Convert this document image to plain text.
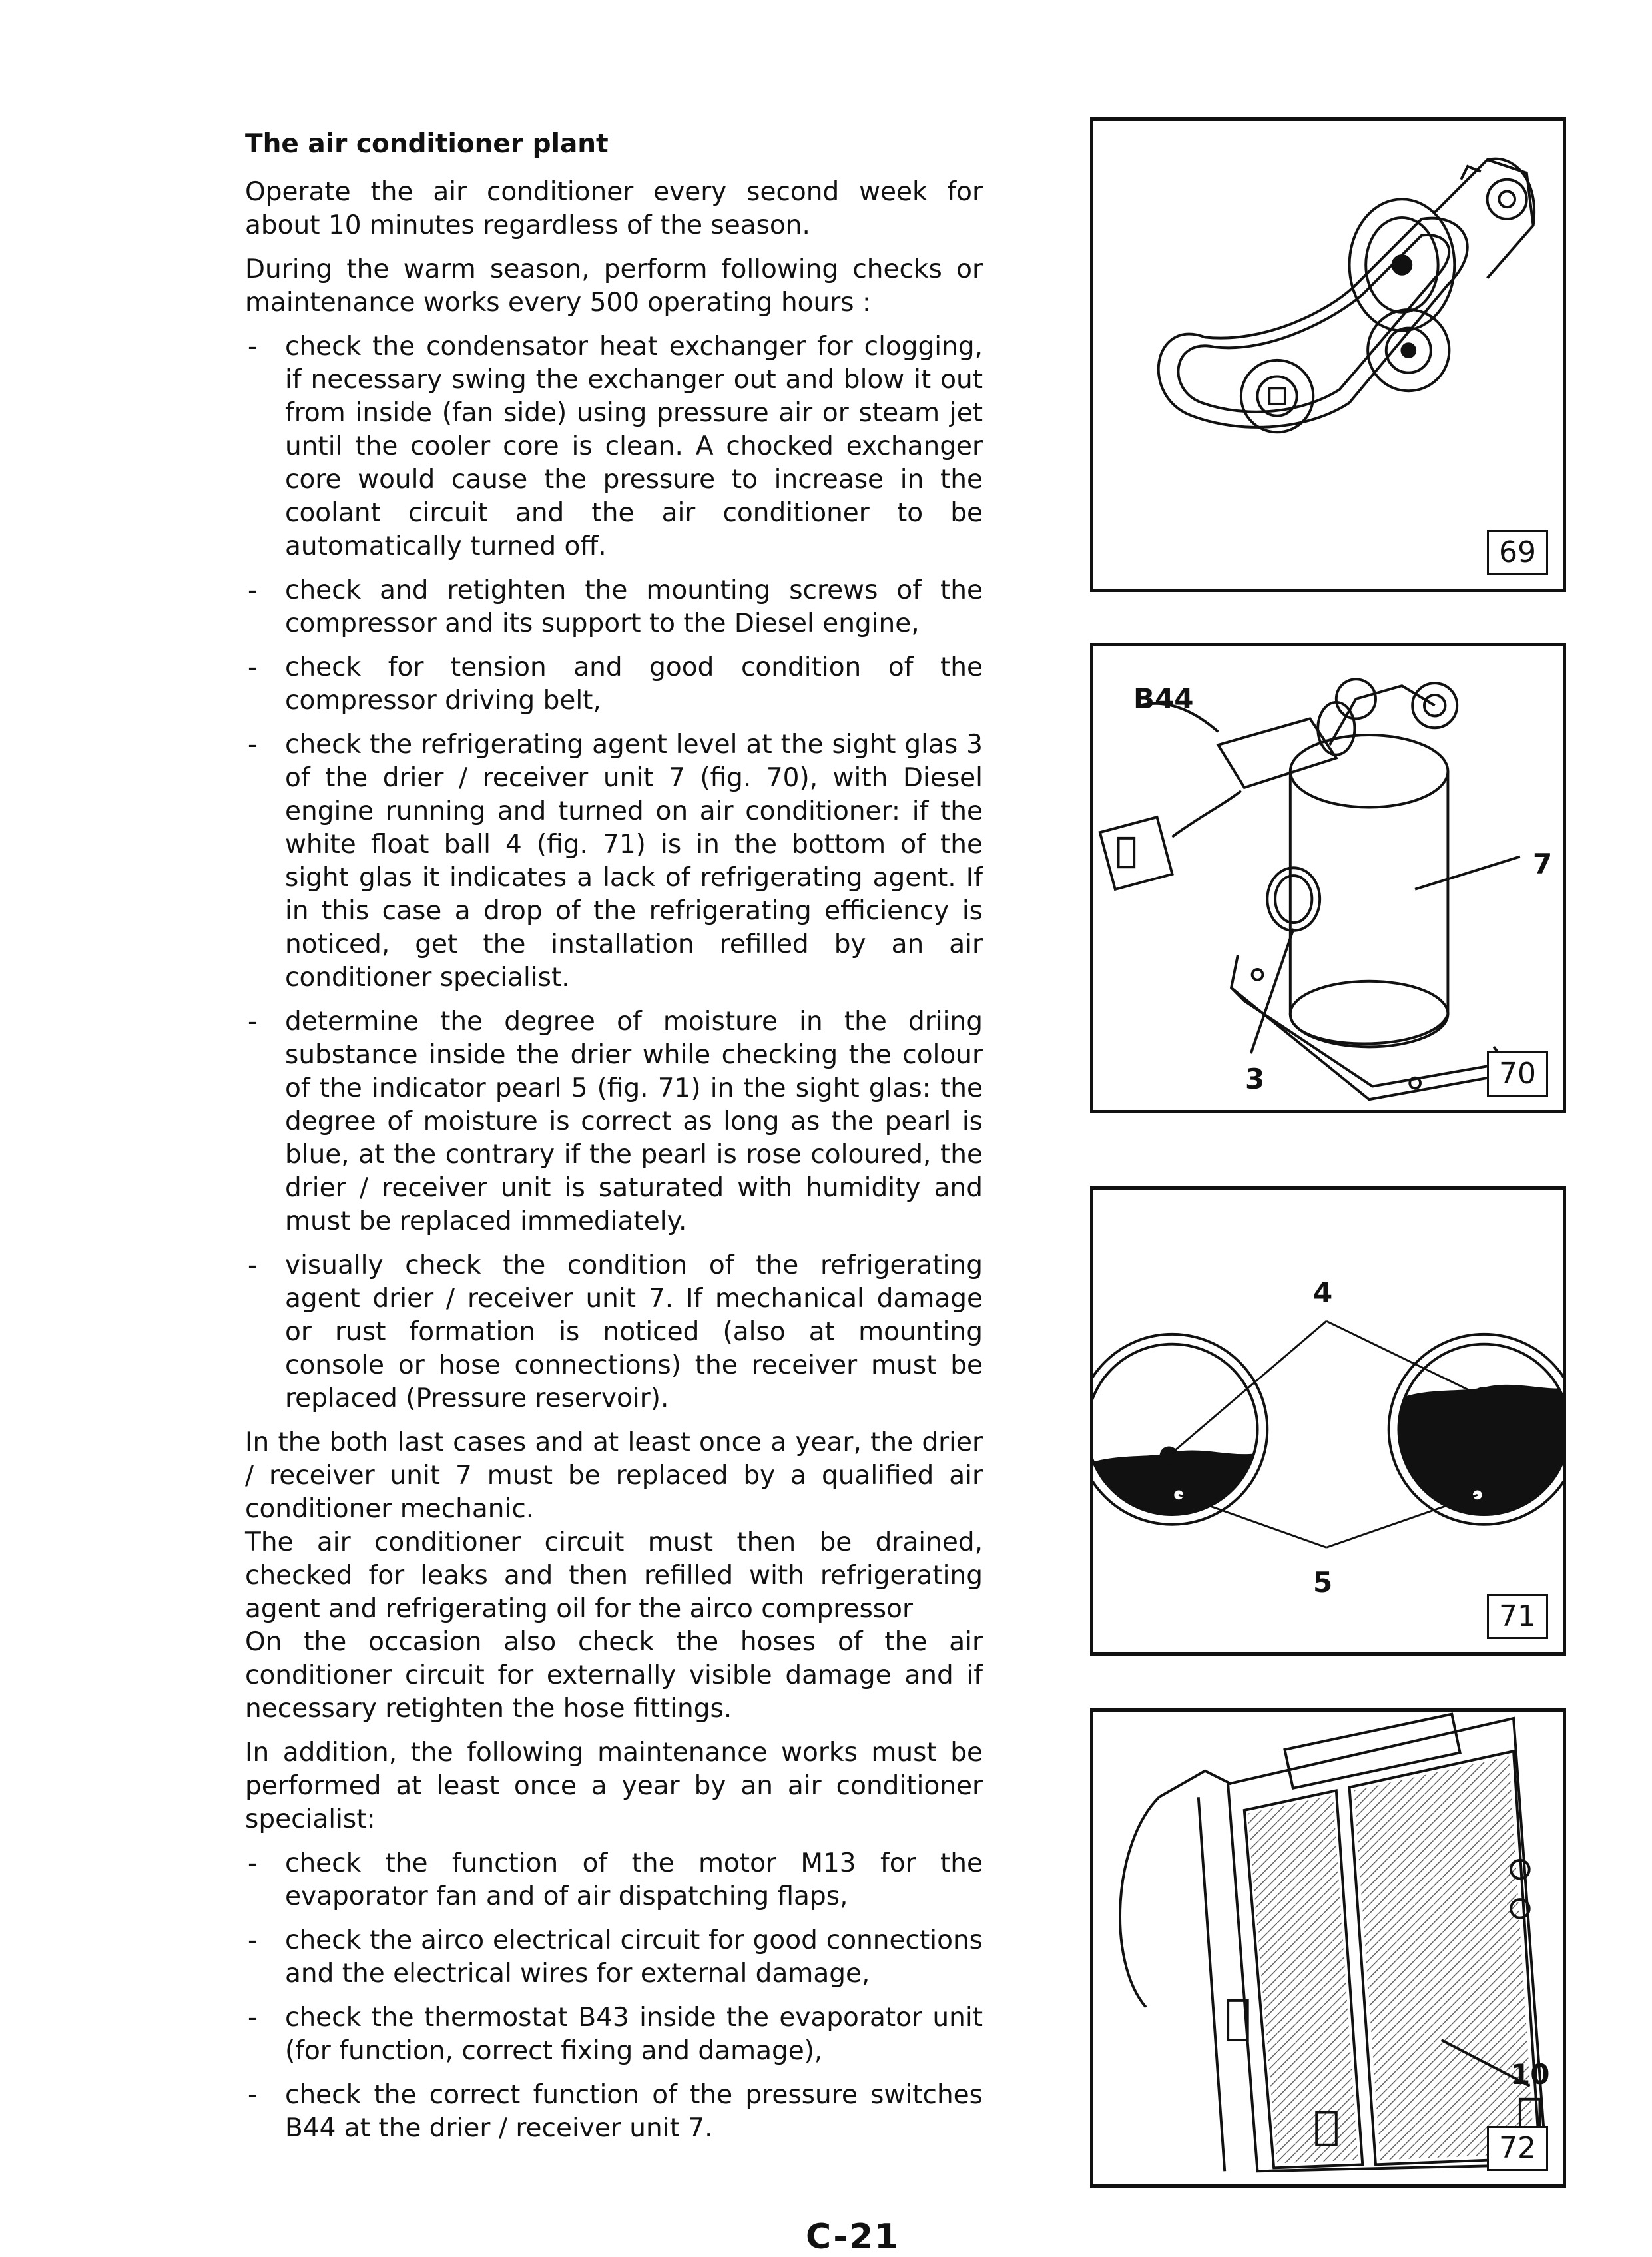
The air conditioner plant

Operate the air conditioner every second week for about 10 minutes regardless of the season.

During the warm season, perform following checks or maintenance works every 500 operating hours :

- check the condensator heat exchanger for clogging, if necessary swing the exchanger out and blow it out from inside (fan side) using pressure air or steam jet until the cooler core is clean. A chocked exchanger core would cause the pressure to increase in the coolant circuit and the air conditioner to be automatically turned off.
- check and retighten the mounting screws of the compressor and its support to the Diesel engine,
- check for tension and good condition of the compressor driving belt,
- check the refrigerating agent level at the sight glas 3 of the drier / receiver unit 7 (fig. 70), with Diesel engine running and turned on air conditioner: if the white float ball 4 (fig. 71) is in the bottom of the sight glas it indicates a lack of refrigerating agent. If in this case a drop of the refrigerating efficiency is noticed, get the installation refilled by an air conditioner specialist.
- determine the degree of moisture in the driing substance inside the drier while checking the colour of the indicator pearl 5 (fig. 71) in the sight glas: the degree of moisture is correct as long as the pearl is blue, at the contrary if the pearl is rose coloured, the drier / receiver unit is saturated with humidity and must be replaced immediately.
- visually check the condition of the refrigerating agent drier / receiver unit 7. If mechanical damage or rust formation is noticed (also at mounting console or hose connections) the receiver must be replaced (Pressure reservoir).

In the both last cases and at least once a year, the drier / receiver unit 7 must be replaced by a qualified air conditioner mechanic.

The air conditioner circuit must then be drained, checked for leaks and then refilled with refrigerating agent and refrigerating oil for the airco compressor

On the occasion also check the hoses of the air conditioner circuit for externally visible damage and if necessary retighten the hose fittings.

In addition, the following maintenance works must be performed at least once a year by an air conditioner specialist:

- check the function of the motor M13 for the evaporator fan and of air dispatching flaps,
- check the airco electrical circuit for good connections and the electrical wires for external damage,
- check the thermostat B43 inside the evaporator unit (for function, correct fixing and damage),
- check the correct function of the pressure switches B44 at the drier / receiver unit 7.
69
B44
7
3	70
4
5
71
10
72
C-21
